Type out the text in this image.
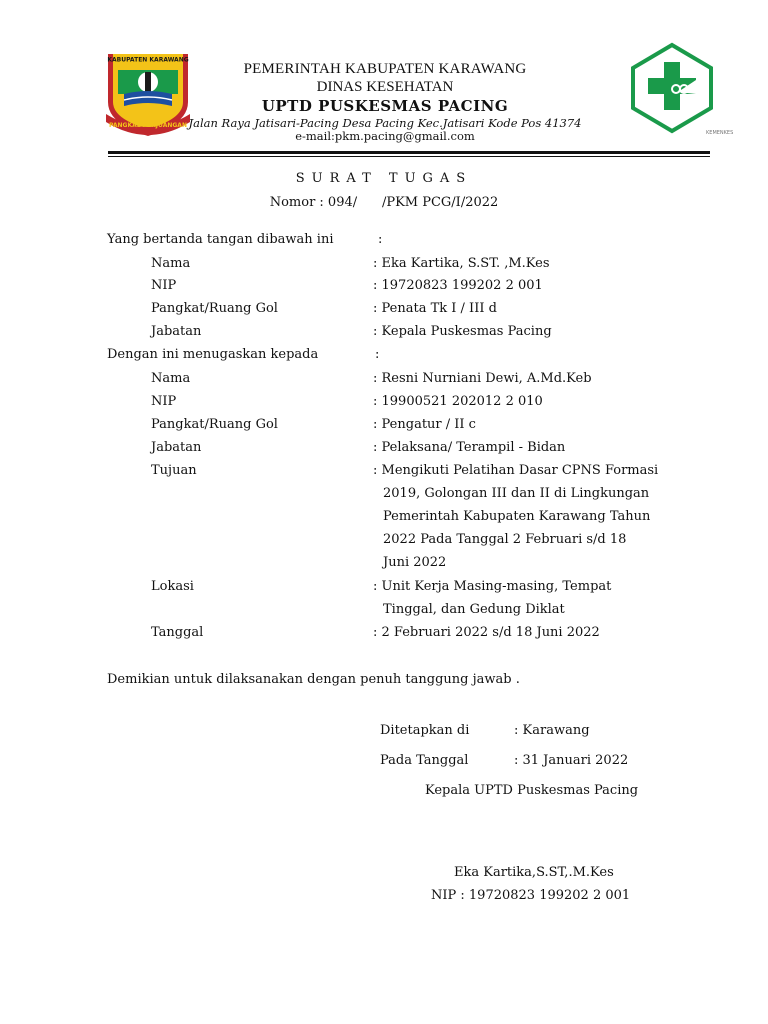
KABUPATEN KARAWANG
PANGKAL PERJUANGAN
PEMERINTAH KABUPATEN KARAWANG
DINAS KESEHATAN
UPTD PUSKESMAS PACING
Jalan Raya Jatisari-Pacing Desa Pacing Kec.Jatisari Kode Pos 41374
e-mail:pkm.pacing@gmail.com	KEMENKES
SURAT TUGAS
Nomor : 094/ /PKM PCG/I/2022
Yang bertanda tangan dibawah ini	:
Nama	: Eka Kartika, S.ST. ,M.Kes
NIP	: 19720823 199202 2 001
Pangkat/Ruang Gol	: Penata Tk I / III d
Jabatan	: Kepala Puskesmas Pacing
Dengan ini menugaskan kepada	:
Nama	: Resni Nurniani Dewi, A.Md.Keb
NIP	: 19900521 202012 2 010
Pangkat/Ruang Gol	: Pengatur / II c
Jabatan	: Pelaksana/ Terampil - Bidan
Tujuan	: Mengikuti Pelatihan Dasar CPNS Formasi
2019, Golongan III dan II di Lingkungan
Pemerintah Kabupaten Karawang Tahun
2022 Pada Tanggal 2 Februari s/d 18
Juni 2022
Lokasi	: Unit Kerja Masing-masing, Tempat
Tinggal, dan Gedung Diklat
Tanggal	: 2 Februari 2022 s/d 18 Juni 2022
Demikian untuk dilaksanakan dengan penuh tanggung jawab .
Ditetapkan di	: Karawang
Pada Tanggal	: 31 Januari 2022
Kepala UPTD Puskesmas Pacing
Eka Kartika,S.ST,.M.Kes
NIP : 19720823 199202 2 001
